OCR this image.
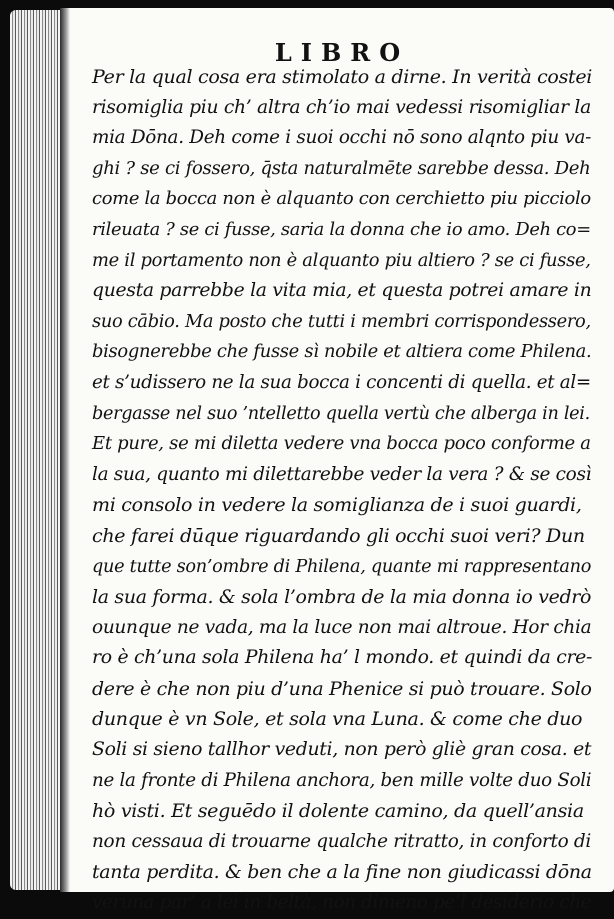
LIBRO
Per la qual cosa era stimolato a dirne. In verità costei
risomiglia piu ch’ altra ch’io mai vedessi risomigliar la
mia Dōna. Deh come i suoi occhi nō sono alqnto piu va-
ghi ? se ci fossero, q̄sta naturalmēte sarebbe dessa. Deh
come la bocca non è alquanto con cerchietto piu picciolo
rileuata ? se ci fusse, saria la donna che io amo. Deh co=
me il portamento non è alquanto piu altiero ? se ci fusse,
questa parrebbe la vita mia, et questa potrei amare in
suo cābio. Ma posto che tutti i membri corrispondessero,
bisognerebbe che fusse sì nobile et altiera come Philena.
et s’udissero ne la sua bocca i concenti di quella. et al=
bergasse nel suo ’ntelletto quella vertù che alberga in lei.
Et pure, se mi diletta vedere vna bocca poco conforme a
la sua, quanto mi dilettarebbe veder la vera ? & se così
mi consolo in vedere la somiglianza de i suoi guardi,
che farei dūque riguardando gli occhi suoi veri? Dun
que tutte son’ombre di Philena, quante mi rappresentano
la sua forma. & sola l’ombra de la mia donna io vedrò
ouunque ne vada, ma la luce non mai altroue. Hor chia
ro è ch’una sola Philena ha’ l mondo. et quindi da cre-
dere è che non piu d’una Phenice si può trouare. Solo
dunque è vn Sole, et sola vna Luna. & come che duo
Soli si sieno tallhor veduti, non però gliè gran cosa. et
ne la fronte di Philena anchora, ben mille volte duo Soli
hò visti. Et seguēdo il dolente camino, da quell’ansia
non cessaua di trouarne qualche ritratto, in conforto di
tanta perdita. & ben che a la fine non giudicassi dōna
veruna par’ a lei in beltà, non dimeno pe’l desiderio che
